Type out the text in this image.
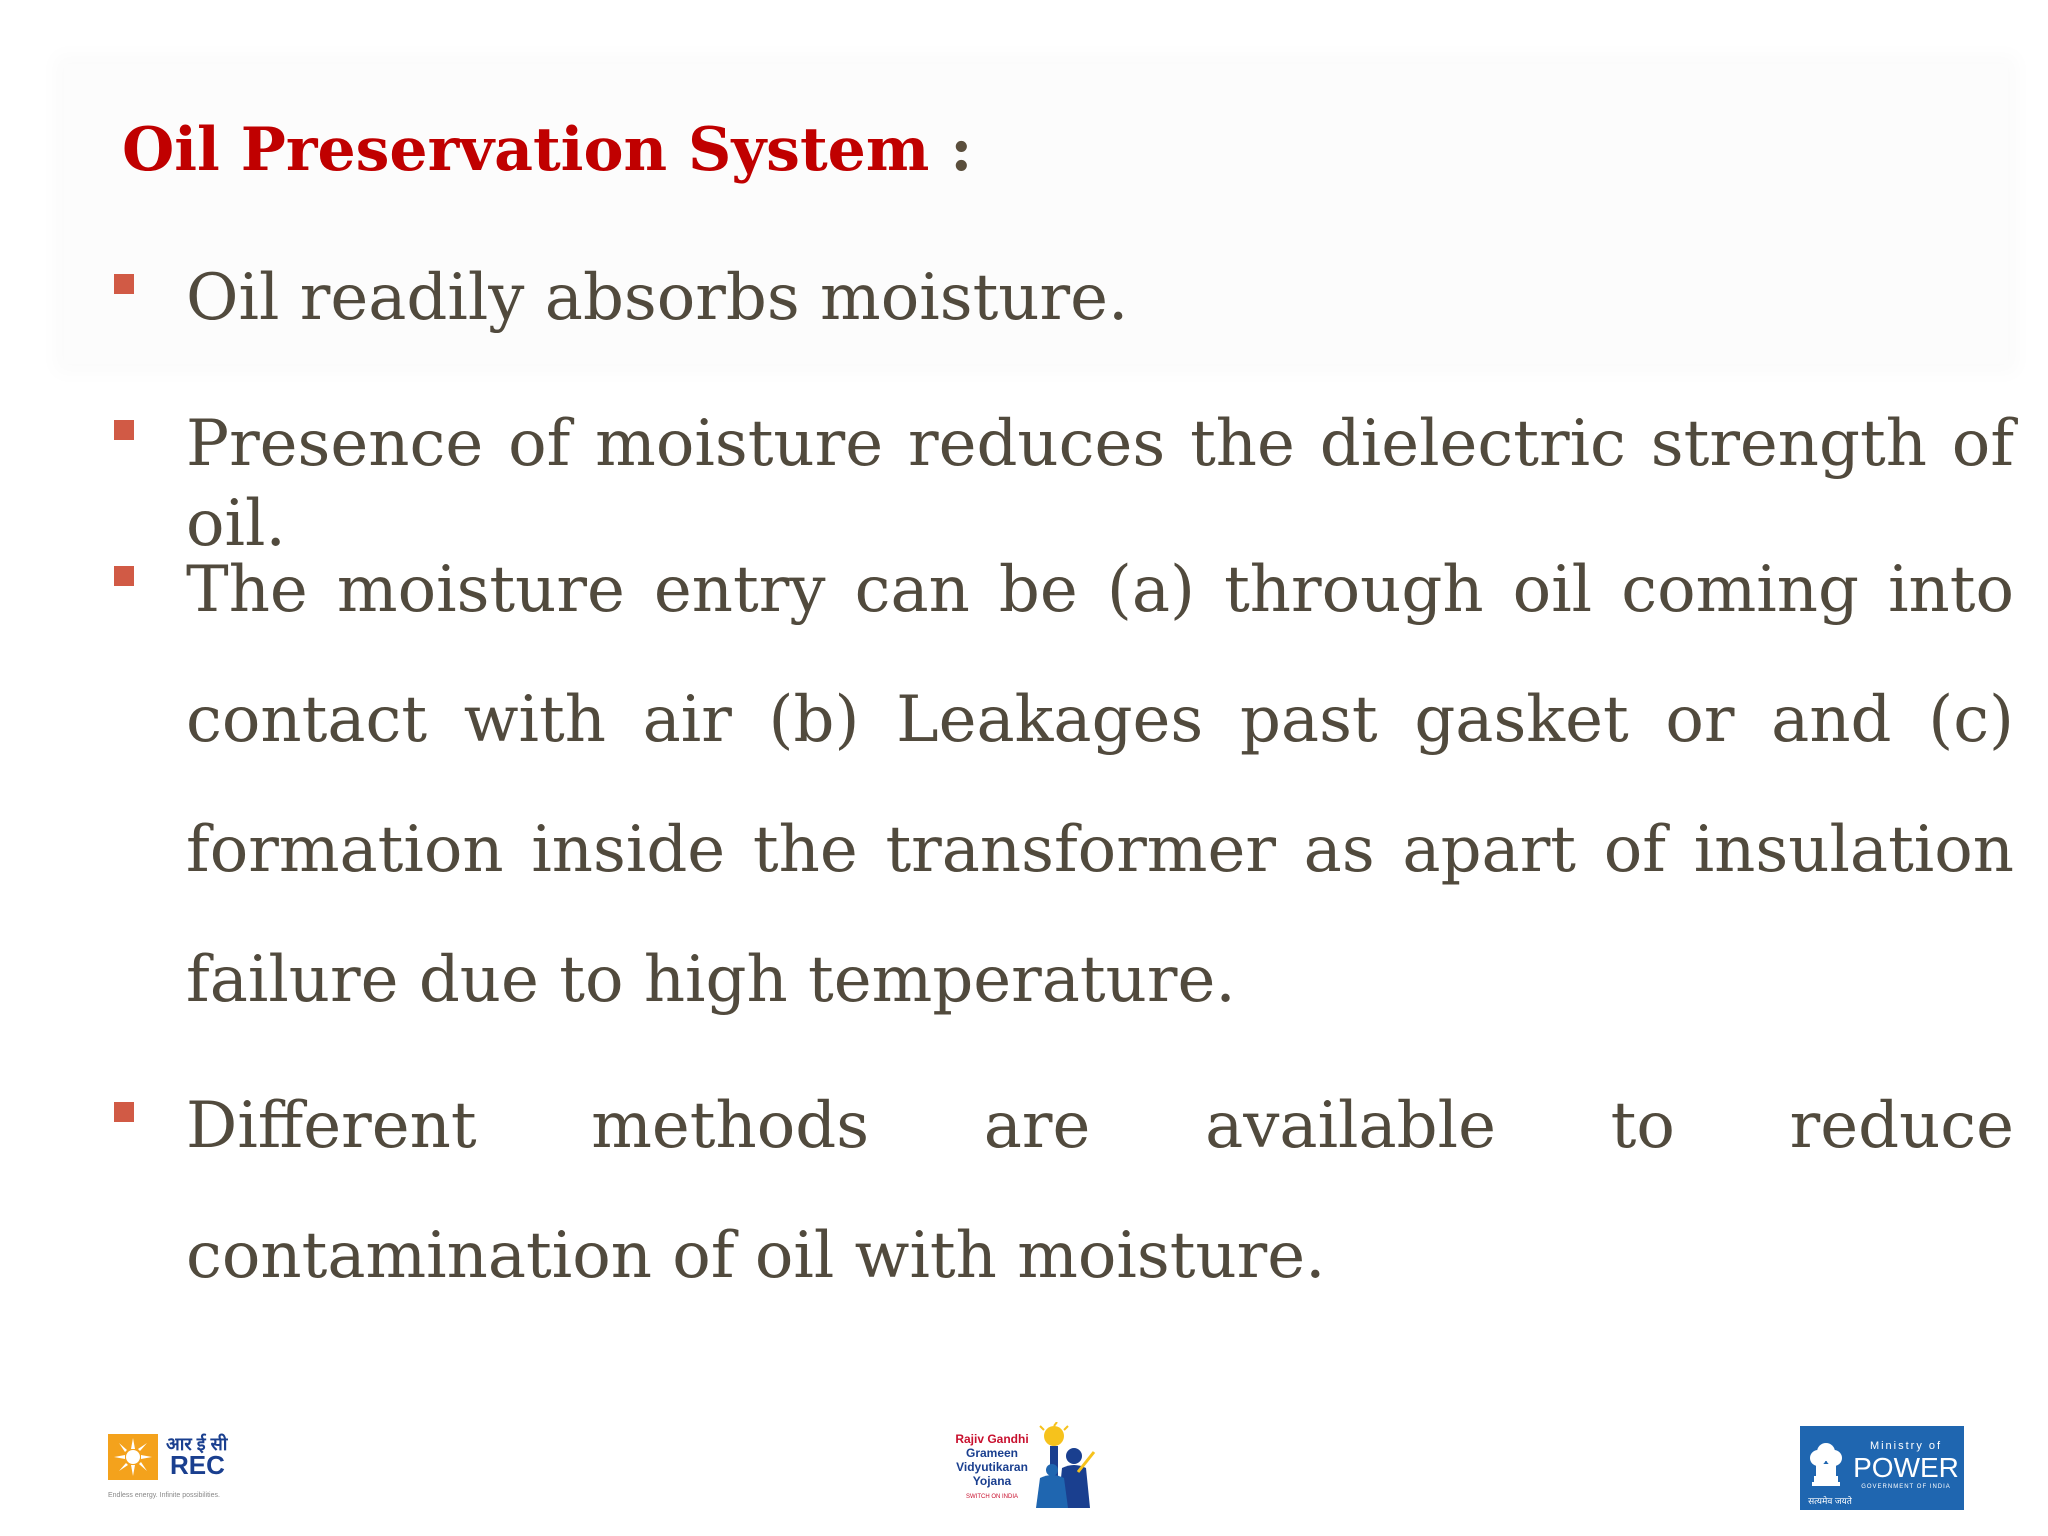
Oil Preservation System :
Oil readily absorbs moisture.
Presence of moisture reduces the dielectric strength of oil.
The moisture entry can be (a) through oil coming into contact with air (b) Leakages past gasket or and (c) formation inside the transformer as apart of insulation failure due to high temperature.
Different methods are available to reduce contamination of oil with moisture.
आर ई सी
REC
Endless energy. Infinite possibilities.
Rajiv Gandhi
Grameen
Vidyutikaran
Yojana
SWITCH ON INDIA	सत्यमेव जयते
Ministry of
POWER
GOVERNMENT OF INDIA
